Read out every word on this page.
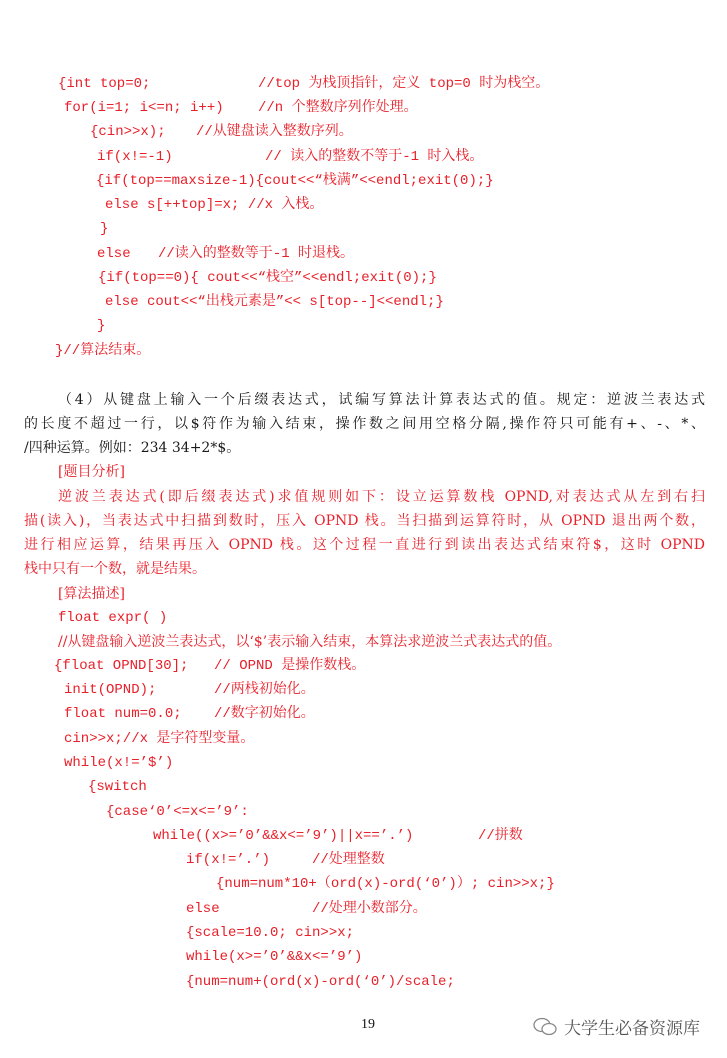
{int top=0;	//top 为栈顶指针，定义 top=0 时为栈空。
for(i=1; i<=n; i++) //n 个整数序列作处理。
{cin>>x); //从键盘读入整数序列。
if(x!=-1)	// 读入的整数不等于-1 时入栈。
{if(top==maxsize-1){cout<<“栈满”<<endl;exit(0);}
else s[++top]=x; //x 入栈。
}
else //读入的整数等于-1 时退栈。
{if(top==0){ cout<<“栈空”<<endl;exit(0);}
else cout<<“出栈元素是”<< s[top--]<<endl;}
}
}//算法结束。
（4）从键盘上输入一个后缀表达式，试编写算法计算表达式的值。规定：逆波兰表达式
的长度不超过一行，以$符作为输入结束，操作数之间用空格分隔,操作符只可能有+、-、*、
/四种运算。例如：234 34+2*$。
[题目分析]
逆波兰表达式(即后缀表达式)求值规则如下：设立运算数栈 OPND,对表达式从左到右扫
描(读入)，当表达式中扫描到数时，压入 OPND 栈。当扫描到运算符时，从 OPND 退出两个数，
进行相应运算，结果再压入 OPND 栈。这个过程一直进行到读出表达式结束符$，这时 OPND
栈中只有一个数，就是结果。
[算法描述]
float expr( )
//从键盘输入逆波兰表达式，以‘$’表示输入结束，本算法求逆波兰式表达式的值。
{float OPND[30]; // OPND 是操作数栈。
init(OPND);	//两栈初始化。
float num=0.0; //数字初始化。
cin>>x;//x 是字符型变量。
while(x!=’$’)
{switch
{case‘0’<=x<=’9’:
while((x>=’0’&&x<=’9’)||x==’.’)	//拼数
if(x!=’.’)	//处理整数
{num=num*10+（ord(x)-ord(‘0’)）; cin>>x;}
else	//处理小数部分。
{scale=10.0; cin>>x;
while(x>=’0’&&x<=’9’)
{num=num+(ord(x)-ord(‘0’)/scale;
19	大学生必备资源库
